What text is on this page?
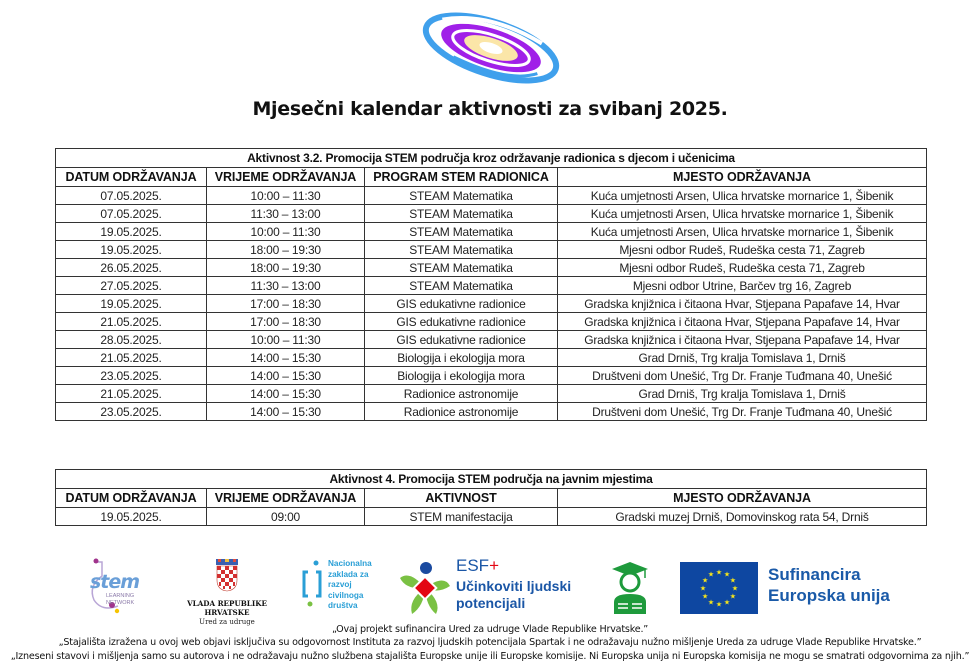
Mjesečni kalendar aktivnosti za svibanj 2025.
Aktivnost 3.2. Promocija STEM područja kroz održavanje radionica s djecom i učenicima			
DATUM ODRŽAVANJA	VRIJEME ODRŽAVANJA	PROGRAM STEM RADIONICA	MJESTO ODRŽAVANJA
07.05.2025.	10:00 – 11:30	STEAM Matematika	Kuća umjetnosti Arsen, Ulica hrvatske mornarice 1, Šibenik
07.05.2025.	11:30 – 13:00	STEAM Matematika	Kuća umjetnosti Arsen, Ulica hrvatske mornarice 1, Šibenik
19.05.2025.	10:00 – 11:30	STEAM Matematika	Kuća umjetnosti Arsen, Ulica hrvatske mornarice 1, Šibenik
19.05.2025.	18:00 – 19:30	STEAM Matematika	Mjesni odbor Rudeš, Rudeška cesta 71, Zagreb
26.05.2025.	18:00 – 19:30	STEAM Matematika	Mjesni odbor Rudeš, Rudeška cesta 71, Zagreb
27.05.2025.	11:30 – 13:00	STEAM Matematika	Mjesni odbor Utrine, Barčev trg 16, Zagreb
19.05.2025.	17:00 – 18:30	GIS edukativne radionice	Gradska knjižnica i čitaona Hvar, Stjepana Papafave 14, Hvar
21.05.2025.	17:00 – 18:30	GIS edukativne radionice	Gradska knjižnica i čitaona Hvar, Stjepana Papafave 14, Hvar
28.05.2025.	10:00 – 11:30	GIS edukativne radionice	Gradska knjižnica i čitaona Hvar, Stjepana Papafave 14, Hvar
21.05.2025.	14:00 – 15:30	Biologija i ekologija mora	Grad Drniš, Trg kralja Tomislava 1, Drniš
23.05.2025.	14:00 – 15:30	Biologija i ekologija mora	Društveni dom Unešić, Trg Dr. Franje Tuđmana 40, Unešić
21.05.2025.	14:00 – 15:30	Radionice astronomije	Grad Drniš, Trg kralja Tomislava 1, Drniš
23.05.2025.	14:00 – 15:30	Radionice astronomije	Društveni dom Unešić, Trg Dr. Franje Tuđmana 40, Unešić
Aktivnost 4. Promocija STEM područja na javnim mjestima			
DATUM ODRŽAVANJA	VRIJEME ODRŽAVANJA	AKTIVNOST	MJESTO ODRŽAVANJA
19.05.2025.	09:00	STEM manifestacija	Gradski muzej Drniš, Domovinskog rata 54, Drniš
stem
LEARNING
NETWORK	VLADA REPUBLIKE HRVATSKE
Ured za udruge
Nacionalna
zaklada za
razvoj
civilnoga
društva
ESF+
Učinkoviti ljudski
potencijali
★ ★
★
★
★
★
★
★
★
★
★
★	Sufinancira
Europska unija
„Ovaj projekt sufinancira Ured za udruge Vlade Republike Hrvatske.”
„Stajališta izražena u ovoj web objavi isključiva su odgovornost Instituta za razvoj ljudskih potencijala Spartak i ne odražavaju nužno mišljenje Ureda za udruge Vlade Republike Hrvatske.”
„Izneseni stavovi i mišljenja samo su autorova i ne odražavaju nužno službena stajališta Europske unije ili Europske komisije. Ni Europska unija ni Europska komisija ne mogu se smatrati odgovornima za njih.”
